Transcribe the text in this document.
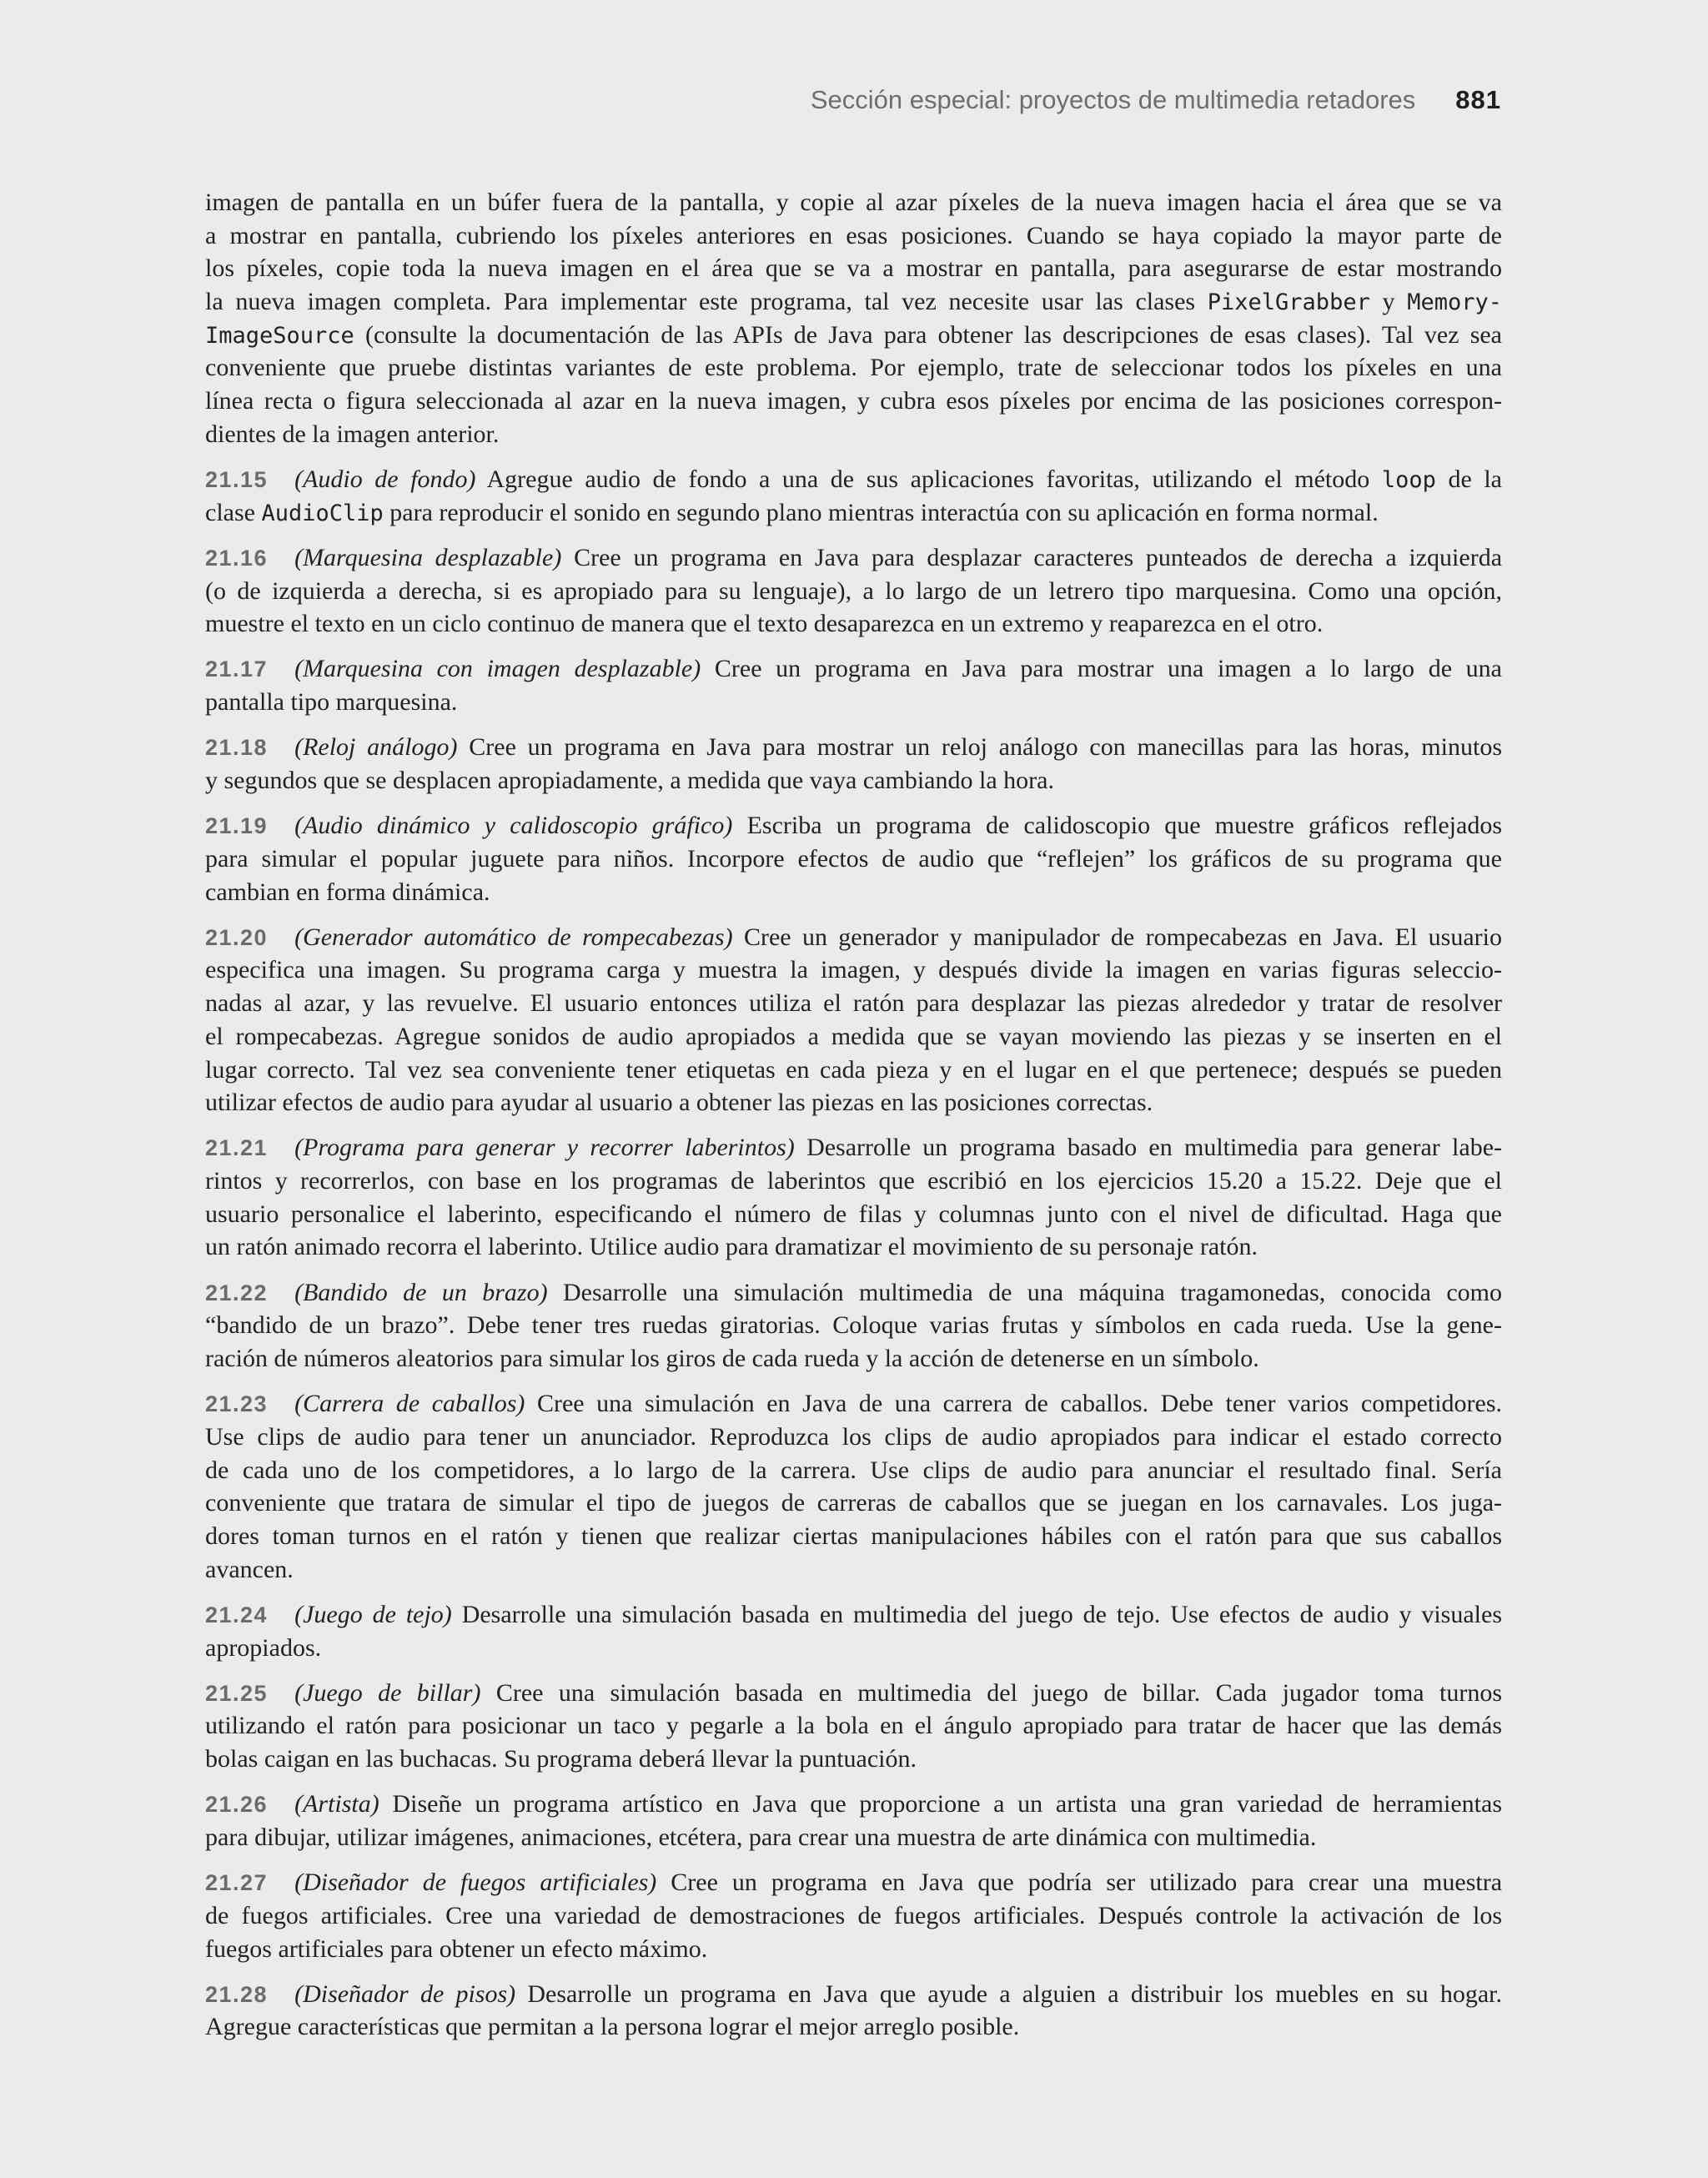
Sección especial: proyectos de multimedia retadores 881
imagen de pantalla en un búfer fuera de la pantalla, y copie al azar píxeles de la nueva imagen hacia el área que se va
a mostrar en pantalla, cubriendo los píxeles anteriores en esas posiciones. Cuando se haya copiado la mayor parte de
los píxeles, copie toda la nueva imagen en el área que se va a mostrar en pantalla, para asegurarse de estar mostrando
la nueva imagen completa. Para implementar este programa, tal vez necesite usar las clases PixelGrabber y Memory-
ImageSource (consulte la documentación de las APIs de Java para obtener las descripciones de esas clases). Tal vez sea
conveniente que pruebe distintas variantes de este problema. Por ejemplo, trate de seleccionar todos los píxeles en una
línea recta o figura seleccionada al azar en la nueva imagen, y cubra esos píxeles por encima de las posiciones correspon-
dientes de la imagen anterior.
21.15 (Audio de fondo) Agregue audio de fondo a una de sus aplicaciones favoritas, utilizando el método loop de la
clase AudioClip para reproducir el sonido en segundo plano mientras interactúa con su aplicación en forma normal.
21.16 (Marquesina desplazable) Cree un programa en Java para desplazar caracteres punteados de derecha a izquierda
(o de izquierda a derecha, si es apropiado para su lenguaje), a lo largo de un letrero tipo marquesina. Como una opción,
muestre el texto en un ciclo continuo de manera que el texto desaparezca en un extremo y reaparezca en el otro.
21.17 (Marquesina con imagen desplazable) Cree un programa en Java para mostrar una imagen a lo largo de una
pantalla tipo marquesina.
21.18 (Reloj análogo) Cree un programa en Java para mostrar un reloj análogo con manecillas para las horas, minutos
y segundos que se desplacen apropiadamente, a medida que vaya cambiando la hora.
21.19 (Audio dinámico y calidoscopio gráfico) Escriba un programa de calidoscopio que muestre gráficos reflejados
para simular el popular juguete para niños. Incorpore efectos de audio que “reflejen” los gráficos de su programa que
cambian en forma dinámica.
21.20 (Generador automático de rompecabezas) Cree un generador y manipulador de rompecabezas en Java. El usuario
especifica una imagen. Su programa carga y muestra la imagen, y después divide la imagen en varias figuras seleccio-
nadas al azar, y las revuelve. El usuario entonces utiliza el ratón para desplazar las piezas alrededor y tratar de resolver
el rompecabezas. Agregue sonidos de audio apropiados a medida que se vayan moviendo las piezas y se inserten en el
lugar correcto. Tal vez sea conveniente tener etiquetas en cada pieza y en el lugar en el que pertenece; después se pueden
utilizar efectos de audio para ayudar al usuario a obtener las piezas en las posiciones correctas.
21.21 (Programa para generar y recorrer laberintos) Desarrolle un programa basado en multimedia para generar labe-
rintos y recorrerlos, con base en los programas de laberintos que escribió en los ejercicios 15.20 a 15.22. Deje que el
usuario personalice el laberinto, especificando el número de filas y columnas junto con el nivel de dificultad. Haga que
un ratón animado recorra el laberinto. Utilice audio para dramatizar el movimiento de su personaje ratón.
21.22 (Bandido de un brazo) Desarrolle una simulación multimedia de una máquina tragamonedas, conocida como
“bandido de un brazo”. Debe tener tres ruedas giratorias. Coloque varias frutas y símbolos en cada rueda. Use la gene-
ración de números aleatorios para simular los giros de cada rueda y la acción de detenerse en un símbolo.
21.23 (Carrera de caballos) Cree una simulación en Java de una carrera de caballos. Debe tener varios competidores.
Use clips de audio para tener un anunciador. Reproduzca los clips de audio apropiados para indicar el estado correcto
de cada uno de los competidores, a lo largo de la carrera. Use clips de audio para anunciar el resultado final. Sería
conveniente que tratara de simular el tipo de juegos de carreras de caballos que se juegan en los carnavales. Los juga-
dores toman turnos en el ratón y tienen que realizar ciertas manipulaciones hábiles con el ratón para que sus caballos
avancen.
21.24 (Juego de tejo) Desarrolle una simulación basada en multimedia del juego de tejo. Use efectos de audio y visuales
apropiados.
21.25 (Juego de billar) Cree una simulación basada en multimedia del juego de billar. Cada jugador toma turnos
utilizando el ratón para posicionar un taco y pegarle a la bola en el ángulo apropiado para tratar de hacer que las demás
bolas caigan en las buchacas. Su programa deberá llevar la puntuación.
21.26 (Artista) Diseñe un programa artístico en Java que proporcione a un artista una gran variedad de herramientas
para dibujar, utilizar imágenes, animaciones, etcétera, para crear una muestra de arte dinámica con multimedia.
21.27 (Diseñador de fuegos artificiales) Cree un programa en Java que podría ser utilizado para crear una muestra
de fuegos artificiales. Cree una variedad de demostraciones de fuegos artificiales. Después controle la activación de los
fuegos artificiales para obtener un efecto máximo.
21.28 (Diseñador de pisos) Desarrolle un programa en Java que ayude a alguien a distribuir los muebles en su hogar.
Agregue características que permitan a la persona lograr el mejor arreglo posible.
